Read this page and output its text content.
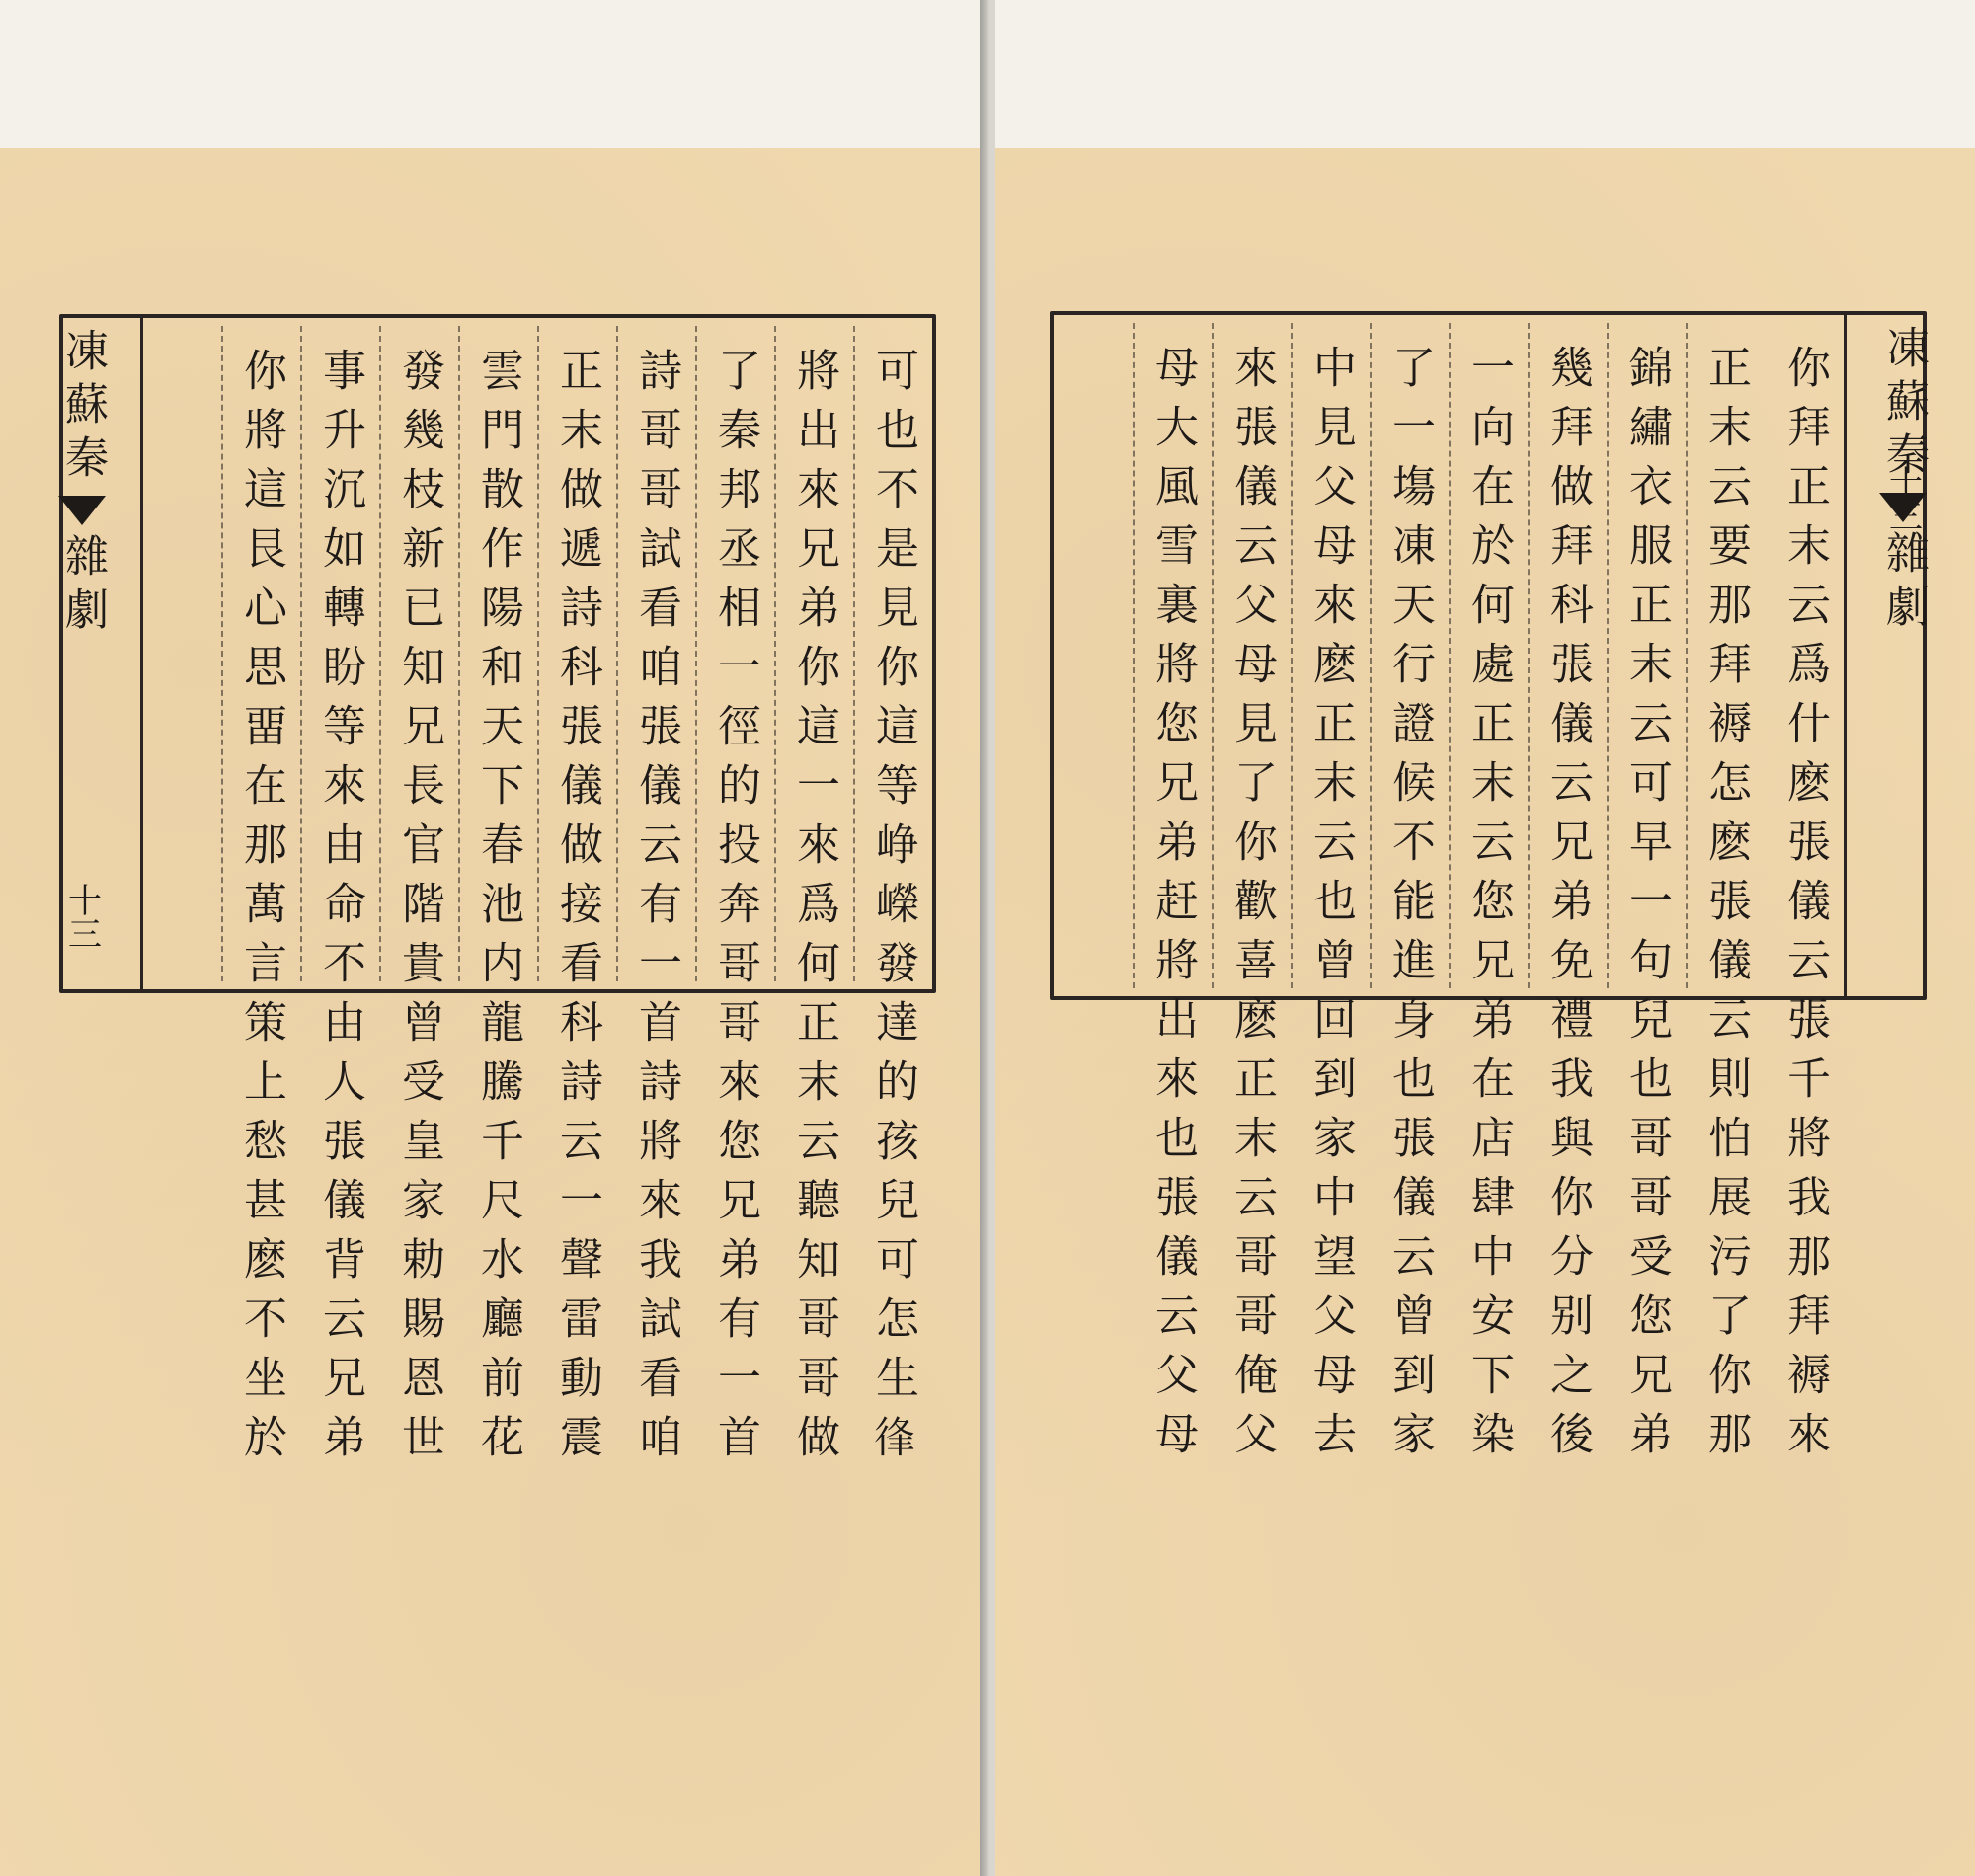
凍蘇秦
雜劇
十三	可也不是見你這等峥嶸發達的孩兒可怎生𢓱
將出來兄弟你這一來爲何正末云聽知哥哥做
了秦邦丞相一徑的投奔哥哥來您兄弟有一首
詩哥哥試看咱張儀云有一首詩將來我試看咱
正末做遞詩科張儀做接看科詩云一聲雷動震
雲門散作陽和天下春池内龍騰千尺水廳前花
發幾枝新已知兄長官階貴曾受皇家勅賜恩世
事升沉如轉盼等來由命不由人張儀背云兄弟
你將這艮心思畱在那萬言策上愁甚麽不坐於	你拜正末云爲什麽張儀云張千將我那拜褥來
正末云要那拜褥怎麽張儀云則怕展污了你那
錦繡衣服正末云可早一句兒也哥哥受您兄弟
幾拜做拜科張儀云兄弟免禮我與你分别之後
一向在於何處正末云您兄弟在店肆中安下染
了一塲凍天行證候不能進身也張儀云曾到家
中見父母來麽正末云也曾回到家中望父母去
來張儀云父母見了你歡喜麽正末云哥哥俺父
母大風雪裏將您兄弟赶將出來也張儀云父母	凍蘇秦
雜劇
十三
